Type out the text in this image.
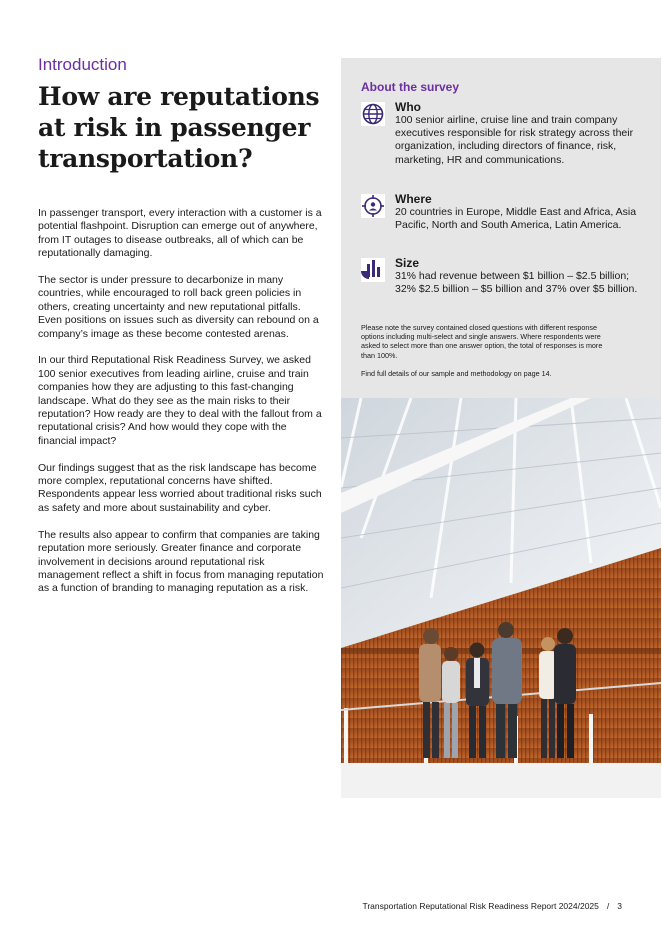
Introduction
How are reputations
at risk in passenger
transportation?

In passenger transport, every interaction with a customer is a potential flashpoint. Disruption can emerge out of anywhere, from IT outages to disease outbreaks, all of which can be reputationally damaging.

The sector is under pressure to decarbonize in many countries, while encouraged to roll back green policies in others, creating uncertainty and new reputational pitfalls. Even positions on issues such as diversity can rebound on a company’s image as these become contested arenas.

In our third Reputational Risk Readiness Survey, we asked 100 senior executives from leading airline, cruise and train companies how they are adjusting to this fast-changing landscape. What do they see as the main risks to their reputation? How ready are they to deal with the fallout from a reputational crisis? And how would they cope with the financial impact?

Our findings suggest that as the risk landscape has become more complex, reputational concerns have shifted. Respondents appear less worried about traditional risks such as safety and more about sustainability and cyber.

The results also appear to confirm that companies are taking reputation more seriously. Greater finance and corporate involvement in decisions around reputational risk management reflect a shift in focus from managing reputation as a function of branding to managing reputation as a risk.

About the survey
Who

100 senior airline, cruise line and train company executives responsible for risk strategy across their organization, including directors of finance, risk, marketing, HR and communications.

Where

20 countries in Europe, Middle East and Africa, Asia Pacific, North and South America, Latin America.

Size

31% had revenue between $1 billion – $2.5 billion; 32% $2.5 billion – $5 billion and 37% over $5 billion.

Please note the survey contained closed questions with different response options including multi-select and single answers. Where respondents were asked to select more than one answer option, the total of responses is more than 100%.

Find full details of our sample and methodology on page 14.

Transportation Reputational Risk Readiness Report 2024/2025 / 3
